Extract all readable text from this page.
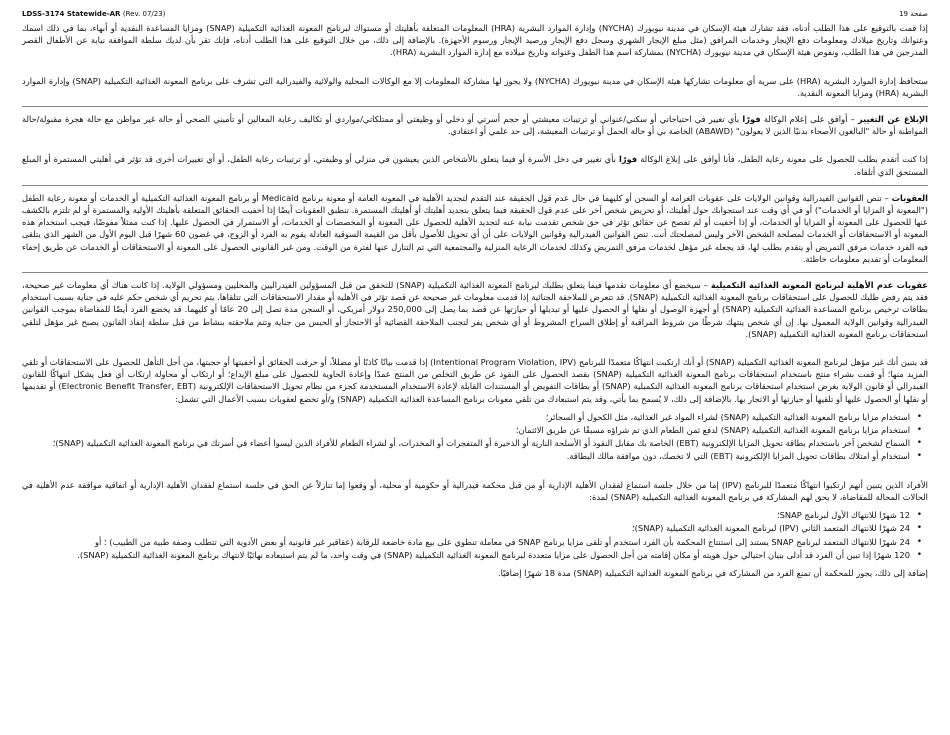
LDSS-3174 Statewide-AR (Rev. 07/23)	صفحة 19

إذا قمت بالتوقيع على هذا الطلب أدناه، فقد تشارك هيئة الإسكان في مدينة نيويورك (NYCHA) وإدارة الموارد البشرية (HRA) المعلومات المتعلقة بأهليتك أو مستواك لبرنامج المعونة الغذائية التكميلية (SNAP) ومزايا المساعدة النقدية أو أبهاء، بما في ذلك اسمك وعنوانك وتاريخ ميلادك ومعلومات دفع الإيجار وخدمات المرافق (مثل مبلغ الإيجار الشهري وسجل دفع الإيجار ورصيد الإيجار ورسوم الأجهزة). بالإضافة إلى ذلك، من خلال التوقيع على هذا الطلب أدناه، فإنك تقر بأن لديك سلطة الموافقة نيابة عن الأطفال القصر المدرجين في هذا الطلب، ونفوض هيئة الإسكان في مدينة نيويورك (NYCHA) بمشاركة اسم هذا الطفل وعنوانه وتاريخ ميلاده مع إدارة الموارد البشرية (HRA).

ستحافظ إدارة الموارد البشرية (HRA) على سرية أي معلومات تشاركها هيئة الإسكان في مدينة نيويورك (NYCHA) ولا يجوز لها مشاركة المعلومات إلا مع الوكالات المحلية والولائية والفيدرالية التي تشرف على برنامج المعونة الغذائية التكميلية (SNAP) وإدارة الموارد البشرية (HRA) ومزايا المعونة النقدية.

الإبلاغ عن التغيير – أوافق على إعلام الوكالة فورًا بأي تغيير في احتياجاتي أو سكني/عنواني أو ترتيبات معيشتي أو حجم أسرتي أو دخلي أو وظيفتي أو ممتلكاتي/مواردي أو تكاليف رعاية المعالين أو تأميني الصحي أو حالة غير مواطن مع حالة هجرة مقبولة/حالة المواطنة أو حالة "البالغون الأصحاء بدنيًا الذين لا يعولون" (ABAWD) الخاصة بي أو حالة الحمل أو ترتيبات المعيشة، إلى حد علمي أو اعتقادي.

إذا كنت أتقدم بطلب للحصول على معونة رعاية الطفل، فأنا أوافق على إبلاغ الوكالة فورًا بأي تغيير في دخل الأسرة أو فيما يتعلق بالأشخاص الذين يعيشون في منزلي أو وظيفتي، أو ترتيبات رعاية الطفل، أو أي تغييرات أخرى قد تؤثر في أهليتي المستمرة أو المبلغ المستحق الذي أتلقاه.

العقوبات – تنص القوانين الفيدرالية وقوانين الولايات على عقوبات الغرامة أو السجن أو كليهما في حال عدم قول الحقيقة عند التقدم لتجديد الأهلية في المعونة العامة أو معونة برنامج Medicaid أو برنامج المعونة الغذائية التكميلية أو الخدمات أو معونة رعاية الطفل ("المعونة أو المزايا أو الخدمات") أو في أي وقت عند استجوابك حول أهليتك، أو تحريض شخص آخر على عدم قول الحقيقة فيما يتعلق بتجديد أهليتك أو أهليتك المستمرة. تنطبق العقوبات أيضًا إذا أخفيت الحقائق المتعلقة بأهليتك الأولية والمستمرة أو لم تلتزم بالكشف عنها للحصول على المعونة أو المزايا أو الخدمات، أو إذا أخفيت أو لم تفصح عن حقائق تؤثر في حق شخص تقدمت نيابة عنه لتجديد الأهلية للحصول على المعونة أو المخصصات أو الخدمات، أو الاستمرار في الحصول عليها. إذا كنت ممثلاً مفوضًا، فيجب استخدام هذه المعونة أو الاستحقاقات أو الخدمات لمصلحة الشخص الآخر وليس لمصلحتك أنت. تنص القوانين الفيدرالية وقوانين الولايات على أن أي تحويل للأصول بأقل من القيمة السوقية العادلة يقوم به الفرد أو الزوج، في غضون 60 شهرًا قبل اليوم الأول من الشهر الذي يتلقى فيه الفرد خدمات مرفق التمريض أو يتقدم بطلب لها، قد يجعله غير مؤهل لخدمات مرفق التمريض وكذلك لخدمات الرعاية المنزلية والمجتمعية التي تم التنازل عنها لفترة من الوقت. ومن غير القانوني الحصول على المعونة أو الاستحقاقات أو الخدمات عن طريق إخفاء المعلومات أو تقديم معلومات خاطئة.

عقوبات عدم الأهلية لبرنامج المعونة الغذائية التكميلية – سيخضع أي معلومات تقدمها فيما يتعلق بطلبك لبرنامج المعونة الغذائية التكميلية (SNAP) للتحقق من قبل المسؤولين الفيدراليين والمحليين ومسؤولي الولاية. إذا كانت هناك أي معلومات غير صحيحة، فقد يتم رفض طلبك للحصول على استحقاقات برنامج المعونة الغذائية التكميلية (SNAP). قد تتعرض للملاحقة الجنائية إذا قدمت معلومات غير صحيحة عن قصد تؤثر في الأهلية أو مقدار الاستحقاقات التي تتلقاها. يتم تحريم أي شخص حكم عليه في جناية بسبب استخدام بطاقات ترخيص برنامج المساعدة الغذائية التكميلية (SNAP) أو أجهزة الوصول أو نقلها أو الحصول عليها أو تبديلها أو حيازتها عن قصد بما يصل إلى 250,000 دولار أمريكي، أو السجن مدة تصل إلى 20 عامًا أو كليهما. قد يخضع الفرد أيضًا للمقاضاة بموجب القوانين الفيدرالية وقوانين الولاية المعمول بها. إن أي شخص ينتهك شرطًا من شروط المراقبة أو إطلاق السراح المشروط أو أي شخص يفر لتجنب الملاحقة القضائية أو الاحتجاز أو الحبس من جناية وتتم ملاحقته بنشاط من قبل سلطة إنفاذ القانون يصبح غير مؤهل لتلقي استحقاقات برنامج المعونة الغذائية التكميلية (SNAP).

قد يتبين أنك غير مؤهل لبرنامج المعونة الغذائية التكميلية (SNAP) أو أنك ارتكبت انتهاكًا متعمدًا للبرنامج (Intentional Program Violation, IPV) إذا قدمت بيانًا كاذبًا أو مضللاً، أو حرفت الحقائق أو أخفيتها أو حجبتها، من أجل التأهل للحصول على الاستحقاقات أو تلقي المزيد منها؛ أو قمت بشراء منتج باستخدام استحقاقات برنامج المعونة الغذائية التكميلية (SNAP) بقصد الحصول على النقود عن طريق التخلص من المنتج عمدًا وإعادة الحاوية للحصول على مبلغ الإيداع؛ أو ارتكاب أو محاولة ارتكاب أي فعل يشكل انتهاكًا للقانون الفيدرالي أو قانون الولاية بغرض استخدام استحقاقات برنامج المعونة الغذائية التكميلية (SNAP) أو بطاقات التفويض أو المستندات القابلة لإعادة الاستخدام المستخدمة كجزء من نظام تحويل الاستحقاقات الإلكترونية (Electronic Benefit Transfer, EBT) أو تقديمها أو نقلها أو الحصول عليها أو تلقيها أو حيازتها أو الاتجار بها. بالإضافة إلى ذلك، لا يُسمح بما يأتي، وقد يتم استبعادك من تلقي معونات برنامج المساعدة الغذائية التكميلية (SNAP) و/أو تخضع لعقوبات بسبب الأعمال التي تشمل:

• استخدام مزايا برنامج المعونة الغذائية التكميلية (SNAP) لشراء المواد غير الغذائية، مثل الكحول أو السجائر؛
• استخدام مزايا برنامج المعونة الغذائية التكميلية (SNAP) لدفع ثمن الطعام الذي تم شراؤه مسبقًا عن طريق الائتمان؛
• السماح لشخص آخر باستخدام بطاقة تحويل المزايا الإلكترونية (EBT) الخاصة بك مقابل النقود أو الأسلحة النارية أو الذخيرة أو المتفجرات أو المخدرات، أو لشراء الطعام للأفراد الذين ليسوا أعضاء في أسرتك في برنامج المعونة الغذائية التكميلية (SNAP)؛
• استخدام أو امتلاك بطاقات تحويل المزايا الإلكترونية (EBT) التي لا تخصك، دون موافقة مالك البطاقة.

الأفراد الذين يتبين أنهم ارتكبوا انتهاكًا متعمدًا للبرنامج (IPV) إما من خلال جلسة استماع لفقدان الأهلية الإدارية أو من قبل محكمة فيدرالية أو حكومية أو محلية، أو وقعوا إما تنازلاً عن الحق في جلسة استماع لفقدان الأهلية الإدارية أو اتفاقية موافقة عدم الأهلية في الحالات المحالة للمقاضاة، لا يحق لهم المشاركة في برنامج المعونة الغذائية التكميلية (SNAP) لمدة:

• 12 شهرًا للانتهاك الأول لبرنامج SNAP؛
• 24 شهرًا للانتهاك المتعمد الثاني (IPV) لبرنامج المعونة الغذائية التكميلية (SNAP)؛
• 24 شهرًا للانتهاك المتعمد لبرنامج SNAP يستند إلى استنتاج المحكمة بأن الفرد استخدم أو تلقى مزايا برنامج SNAP في معاملة تنطوي على بيع مادة خاضعة للرقابة (عقاقير غير قانونية أو بعض الأدوية التي تتطلب وصفة طبية من الطبيب) ؛ أو
• 120 شهرًا إذا تبين أن الفرد قد أدلى ببيان احتيالي حول هويته أو مكان إقامته من أجل الحصول على مزايا متعددة لبرنامج المعونة الغذائية التكميلية (SNAP) في وقت واحد، ما لم يتم استبعاده نهائيًا لانتهاك برنامج المعونة الغذائية التكميلية (SNAP).

إضافة إلى ذلك، يجوز للمحكمة أن تمنع الفرد من المشاركة في برنامج المعونة الغذائية التكميلية (SNAP) مدة 18 شهرًا إضافيًا.
